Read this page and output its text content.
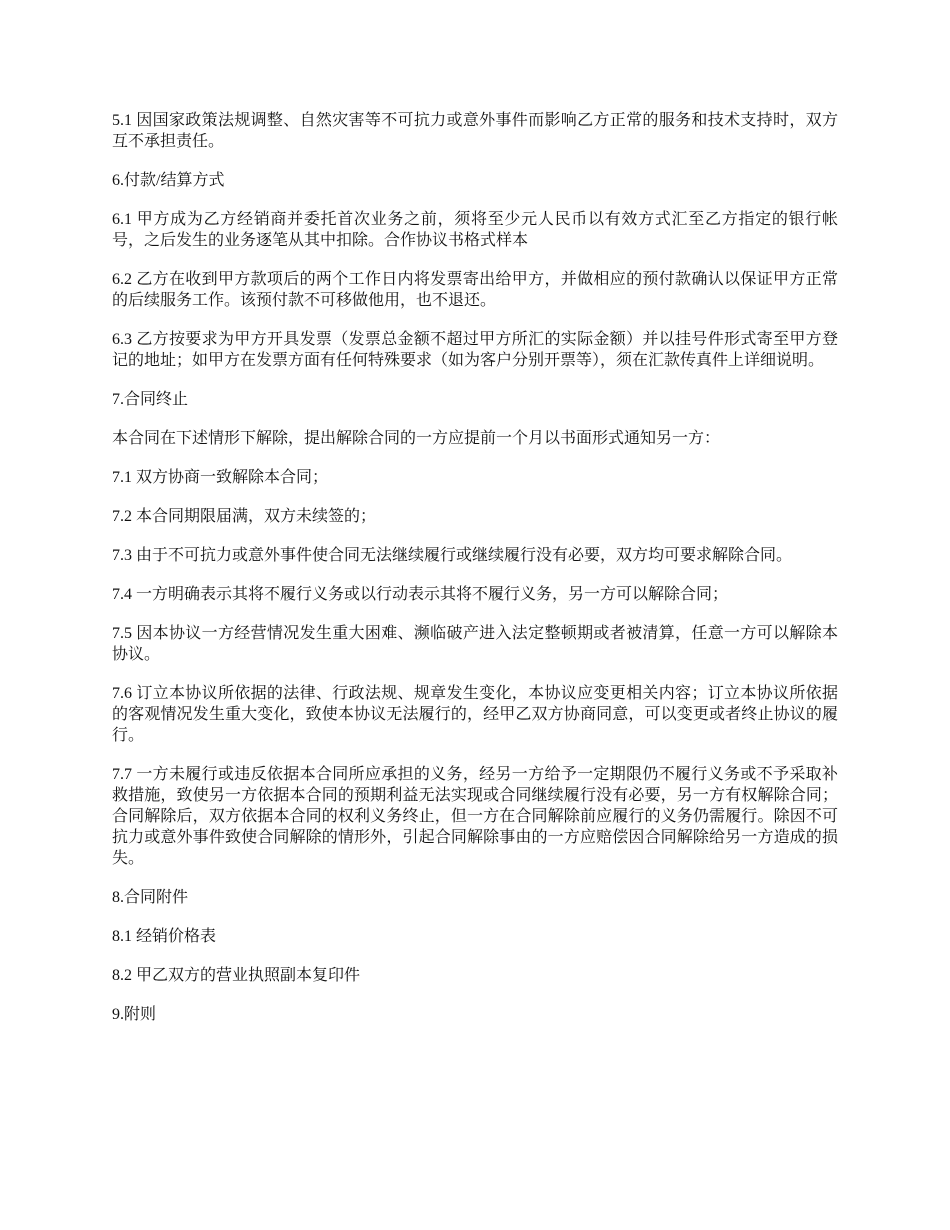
5.1 因国家政策法规调整、自然灾害等不可抗力或意外事件而影响乙方正常的服务和技术支持时，双方互不承担责任。

6.付款/结算方式

6.1 甲方成为乙方经销商并委托首次业务之前，须将至少元人民币以有效方式汇至乙方指定的银行帐号，之后发生的业务逐笔从其中扣除。合作协议书格式样本

6.2 乙方在收到甲方款项后的两个工作日内将发票寄出给甲方，并做相应的预付款确认以保证甲方正常的后续服务工作。该预付款不可移做他用，也不退还。

6.3 乙方按要求为甲方开具发票（发票总金额不超过甲方所汇的实际金额）并以挂号件形式寄至甲方登记的地址；如甲方在发票方面有任何特殊要求（如为客户分别开票等），须在汇款传真件上详细说明。

7.合同终止

本合同在下述情形下解除，提出解除合同的一方应提前一个月以书面形式通知另一方：

7.1 双方协商一致解除本合同；

7.2 本合同期限届满，双方未续签的；

7.3 由于不可抗力或意外事件使合同无法继续履行或继续履行没有必要，双方均可要求解除合同。

7.4 一方明确表示其将不履行义务或以行动表示其将不履行义务，另一方可以解除合同；

7.5 因本协议一方经营情况发生重大困难、濒临破产进入法定整顿期或者被清算，任意一方可以解除本协议。

7.6 订立本协议所依据的法律、行政法规、规章发生变化，本协议应变更相关内容；订立本协议所依据的客观情况发生重大变化，致使本协议无法履行的，经甲乙双方协商同意，可以变更或者终止协议的履行。

7.7 一方未履行或违反依据本合同所应承担的义务，经另一方给予一定期限仍不履行义务或不予采取补救措施，致使另一方依据本合同的预期利益无法实现或合同继续履行没有必要，另一方有权解除合同；合同解除后，双方依据本合同的权利义务终止，但一方在合同解除前应履行的义务仍需履行。除因不可抗力或意外事件致使合同解除的情形外，引起合同解除事由的一方应赔偿因合同解除给另一方造成的损失。

8.合同附件

8.1 经销价格表

8.2 甲乙双方的营业执照副本复印件

9.附则
